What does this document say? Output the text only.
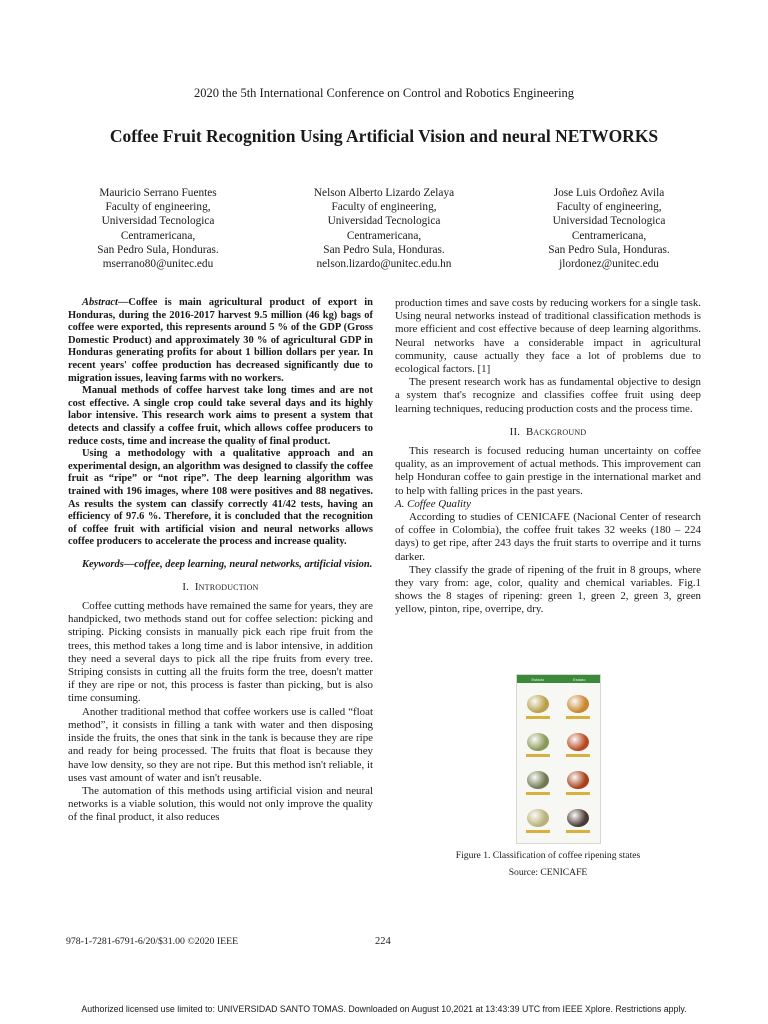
2020 the 5th International Conference on Control and Robotics Engineering
Coffee Fruit Recognition Using Artificial Vision and neural NETWORKS
Mauricio Serrano Fuentes
Faculty of engineering,
Universidad Tecnologica
Centramericana,
San Pedro Sula, Honduras.
mserrano80@unitec.edu
Nelson Alberto Lizardo Zelaya
Faculty of engineering,
Universidad Tecnologica
Centramericana,
San Pedro Sula, Honduras.
nelson.lizardo@unitec.edu.hn
Jose Luis Ordoñez Avila
Faculty of engineering,
Universidad Tecnologica
Centramericana,
San Pedro Sula, Honduras.
jlordonez@unitec.edu

Abstract—Coffee is main agricultural product of export in Honduras, during the 2016-2017 harvest 9.5 million (46 kg) bags of coffee were exported, this represents around 5 % of the GDP (Gross Domestic Product) and approximately 30 % of agricultural GDP in Honduras generating profits for about 1 billion dollars per year. In recent years' coffee production has decreased significantly due to migration issues, leaving farms with no workers.

Manual methods of coffee harvest take long times and are not cost effective. A single crop could take several days and its highly labor intensive. This research work aims to present a system that detects and classify a coffee fruit, which allows coffee producers to reduce costs, time and increase the quality of final product.

Using a methodology with a qualitative approach and an experimental design, an algorithm was designed to classify the coffee fruit as “ripe” or “not ripe”. The deep learning algorithm was trained with 196 images, where 108 were positives and 88 negatives. As results the system can classify correctly 41/42 tests, having an efficiency of 97.6 %. Therefore, it is concluded that the recognition of coffee fruit with artificial vision and neural networks allows coffee producers to accelerate the process and increase quality.

Keywords—coffee, deep learning, neural networks, artificial vision.

I. Introduction

Coffee cutting methods have remained the same for years, they are handpicked, two methods stand out for coffee selection: picking and striping. Picking consists in manually pick each ripe fruit from the trees, this method takes a long time and is labor intensive, in addition they need a several days to pick all the ripe fruits from every tree. Striping consists in cutting all the fruits form the tree, doesn't matter if they are ripe or not, this process is faster than picking, but is also time consuming.

Another traditional method that coffee workers use is called “float method”, it consists in filling a tank with water and then disposing inside the fruits, the ones that sink in the tank is because they are ripe and ready for being processed. The fruits that float is because they have low density, so they are not ripe. But this method isn't reliable, it uses vast amount of water and isn't reusable.

The automation of this methods using artificial vision and neural networks is a viable solution, this would not only improve the quality of the final product, it also reduces

production times and save costs by reducing workers for a single task. Using neural networks instead of traditional classification methods is more efficient and cost effective because of deep learning algorithms. Neural networks have a considerable impact in agricultural community, cause actually they face a lot of problems due to ecological factors. [1]

The present research work has as fundamental objective to design a system that's recognize and classifies coffee fruit using deep learning techniques, reducing production costs and the process time.

II. Background

This research is focused reducing human uncertainty on coffee quality, as an improvement of actual methods. This improvement can help Honduran coffee to gain prestige in the international market and to help with falling prices in the past years.

A. Coffee Quality

According to studies of CENICAFE (Nacional Center of research of coffee in Colombia), the coffee fruit takes 32 weeks (180 – 224 days) to get ripe, after 243 days the fruit starts to overripe and it turns darker.

They classify the grade of ripening of the fruit in 8 groups, where they vary from: age, color, quality and chemical variables. Fig.1 shows the 8 stages of ripening: green 1, green 2, green 3, green yellow, pinton, ripe, overripe, dry.

Estado	Estado
Figure 1. Classification of coffee ripening states
Source: CENICAFE
978-1-7281-6791-6/20/$31.00 ©2020 IEEE	224
Authorized licensed use limited to: UNIVERSIDAD SANTO TOMAS. Downloaded on August 10,2021 at 13:43:39 UTC from IEEE Xplore. Restrictions apply.
